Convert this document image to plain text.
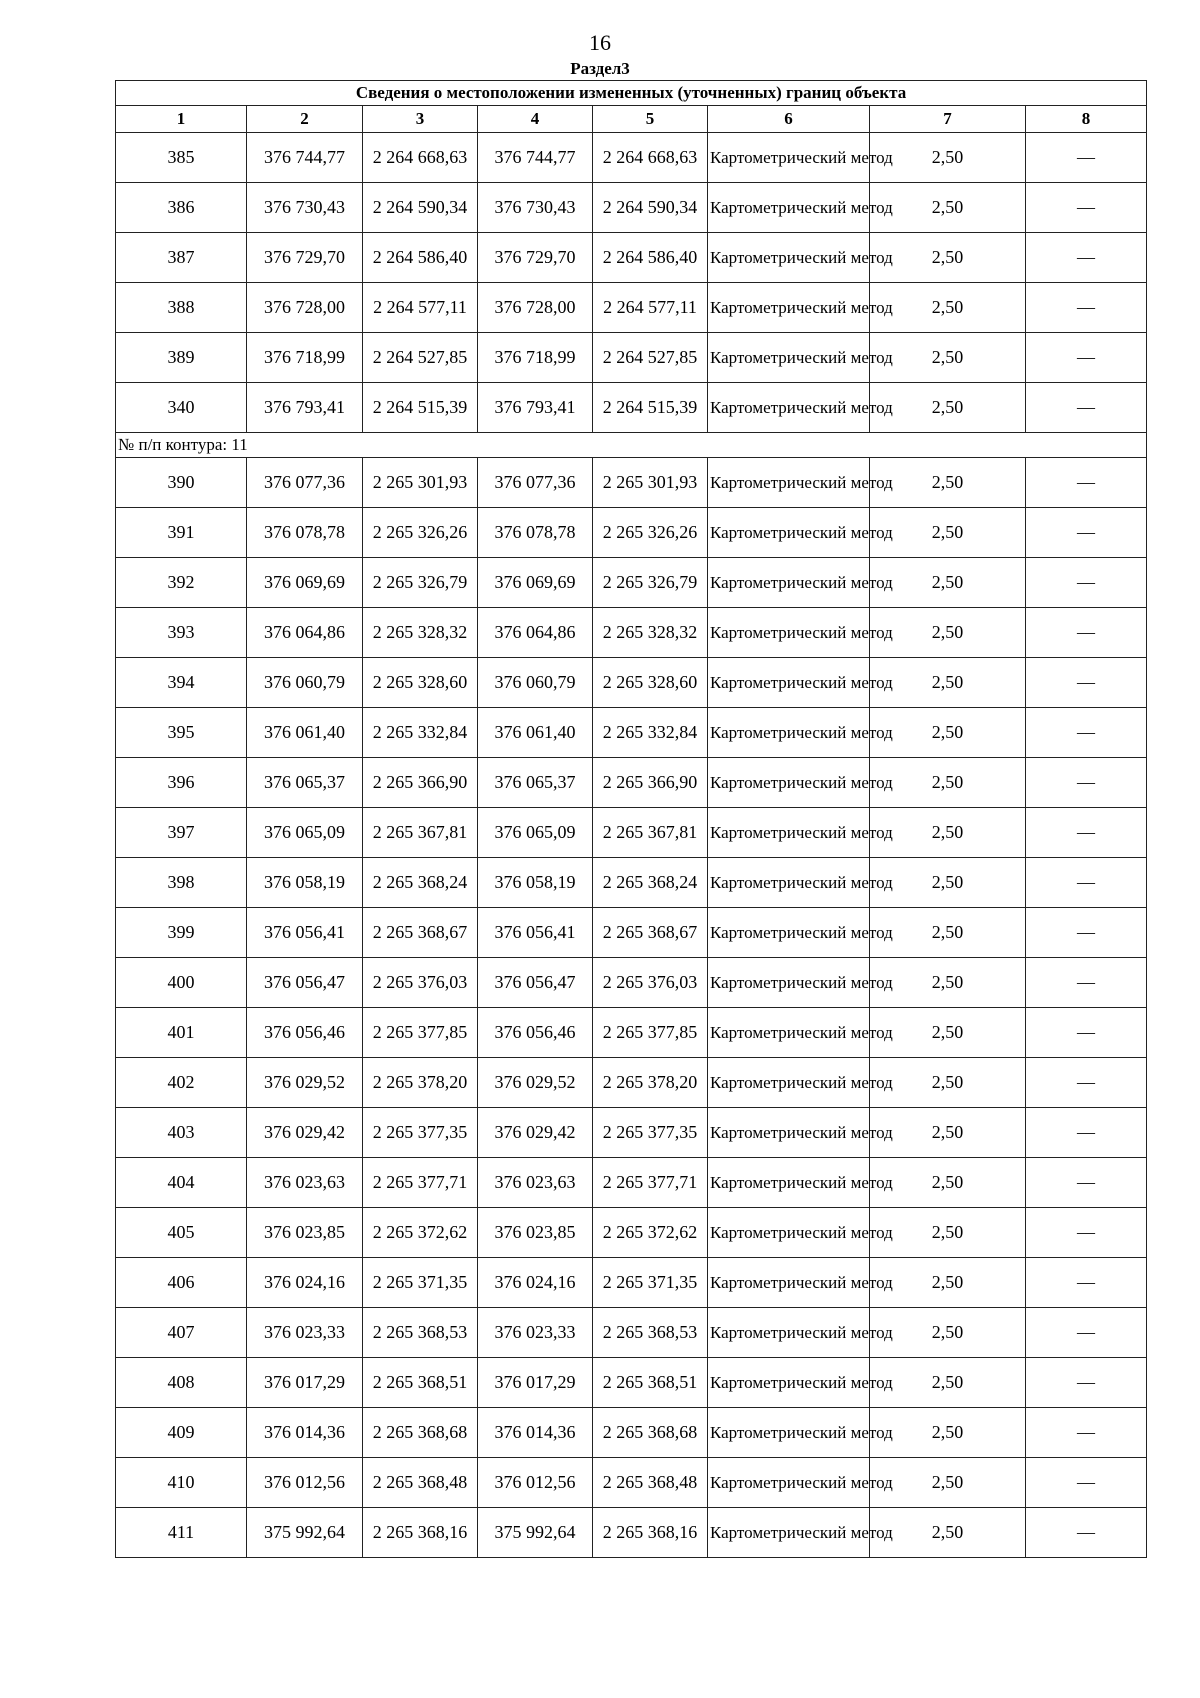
16
Раздел3
Сведения о местоположении измененных (уточненных) границ объекта							
1	2	3	4	5	6	7	8
385	376 744,77	2 264 668,63	376 744,77	2 264 668,63	Картометрический метод	2,50	—
386	376 730,43	2 264 590,34	376 730,43	2 264 590,34	Картометрический метод	2,50	—
387	376 729,70	2 264 586,40	376 729,70	2 264 586,40	Картометрический метод	2,50	—
388	376 728,00	2 264 577,11	376 728,00	2 264 577,11	Картометрический метод	2,50	—
389	376 718,99	2 264 527,85	376 718,99	2 264 527,85	Картометрический метод	2,50	—
340	376 793,41	2 264 515,39	376 793,41	2 264 515,39	Картометрический метод	2,50	—
№ п/п контура: 11							
390	376 077,36	2 265 301,93	376 077,36	2 265 301,93	Картометрический метод	2,50	—
391	376 078,78	2 265 326,26	376 078,78	2 265 326,26	Картометрический метод	2,50	—
392	376 069,69	2 265 326,79	376 069,69	2 265 326,79	Картометрический метод	2,50	—
393	376 064,86	2 265 328,32	376 064,86	2 265 328,32	Картометрический метод	2,50	—
394	376 060,79	2 265 328,60	376 060,79	2 265 328,60	Картометрический метод	2,50	—
395	376 061,40	2 265 332,84	376 061,40	2 265 332,84	Картометрический метод	2,50	—
396	376 065,37	2 265 366,90	376 065,37	2 265 366,90	Картометрический метод	2,50	—
397	376 065,09	2 265 367,81	376 065,09	2 265 367,81	Картометрический метод	2,50	—
398	376 058,19	2 265 368,24	376 058,19	2 265 368,24	Картометрический метод	2,50	—
399	376 056,41	2 265 368,67	376 056,41	2 265 368,67	Картометрический метод	2,50	—
400	376 056,47	2 265 376,03	376 056,47	2 265 376,03	Картометрический метод	2,50	—
401	376 056,46	2 265 377,85	376 056,46	2 265 377,85	Картометрический метод	2,50	—
402	376 029,52	2 265 378,20	376 029,52	2 265 378,20	Картометрический метод	2,50	—
403	376 029,42	2 265 377,35	376 029,42	2 265 377,35	Картометрический метод	2,50	—
404	376 023,63	2 265 377,71	376 023,63	2 265 377,71	Картометрический метод	2,50	—
405	376 023,85	2 265 372,62	376 023,85	2 265 372,62	Картометрический метод	2,50	—
406	376 024,16	2 265 371,35	376 024,16	2 265 371,35	Картометрический метод	2,50	—
407	376 023,33	2 265 368,53	376 023,33	2 265 368,53	Картометрический метод	2,50	—
408	376 017,29	2 265 368,51	376 017,29	2 265 368,51	Картометрический метод	2,50	—
409	376 014,36	2 265 368,68	376 014,36	2 265 368,68	Картометрический метод	2,50	—
410	376 012,56	2 265 368,48	376 012,56	2 265 368,48	Картометрический метод	2,50	—
411	375 992,64	2 265 368,16	375 992,64	2 265 368,16	Картометрический метод	2,50	—
